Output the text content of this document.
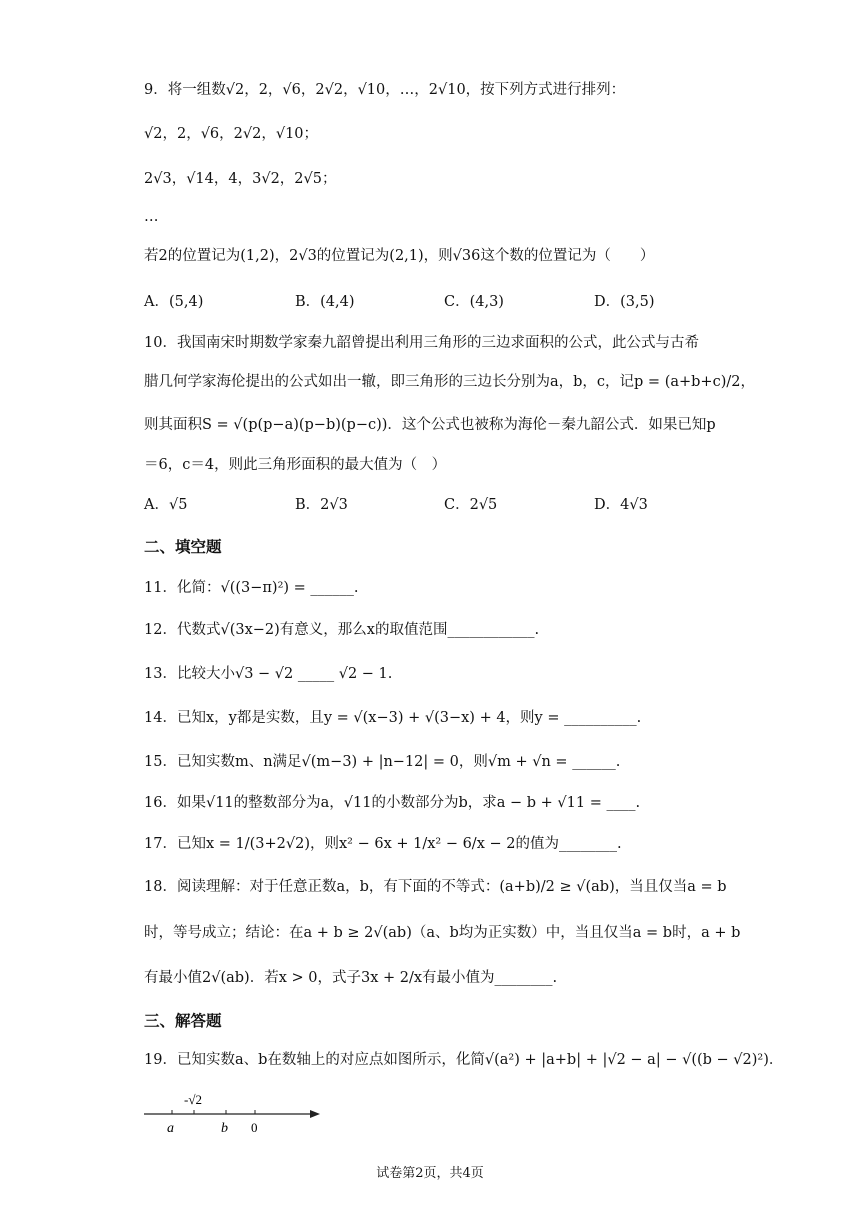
9．将一组数√2，2，√6，2√2，√10，…，2√10，按下列方式进行排列：
√2，2，√6，2√2，√10；
2√3，√14，4，3√2，2√5；
…
若2的位置记为(1,2)，2√3的位置记为(2,1)，则√36这个数的位置记为（　　）
A．(5,4)	B．(4,4)	C．(4,3)	D．(3,5)
10．我国南宋时期数学家秦九韶曾提出利用三角形的三边求面积的公式，此公式与古希
腊几何学家海伦提出的公式如出一辙，即三角形的三边长分别为a，b，c，记p = (a+b+c)/2，
则其面积S = √(p(p−a)(p−b)(p−c))．这个公式也被称为海伦－秦九韶公式．如果已知p
＝6，c＝4，则此三角形面积的最大值为（　）
A．√5	B．2√3	C．2√5	D．4√3
二、填空题
11．化简：√((3−π)²) = ______.
12．代数式√(3x−2)有意义，那么x的取值范围____________.
13．比较大小√3 − √2 _____ √2 − 1.
14．已知x，y都是实数，且y = √(x−3) + √(3−x) + 4，则y = __________.
15．已知实数m、n满足√(m−3) + |n−12| = 0，则√m + √n = ______.
16．如果√11的整数部分为a，√11的小数部分为b，求a − b + √11 = ____.
17．已知x = 1/(3+2√2)，则x² − 6x + 1/x² − 6/x − 2的值为________.
18．阅读理解：对于任意正数a，b，有下面的不等式：(a+b)/2 ≥ √(ab)，当且仅当a = b
时，等号成立；结论：在a + b ≥ 2√(ab)（a、b均为正实数）中，当且仅当a = b时，a + b
有最小值2√(ab)．若x > 0，式子3x + 2/x有最小值为________.
三、解答题
19．已知实数a、b在数轴上的对应点如图所示，化简√(a²) + |a+b| + |√2 − a| − √((b − √2)²)．
-√2
a	b 0
试卷第2页，共4页
